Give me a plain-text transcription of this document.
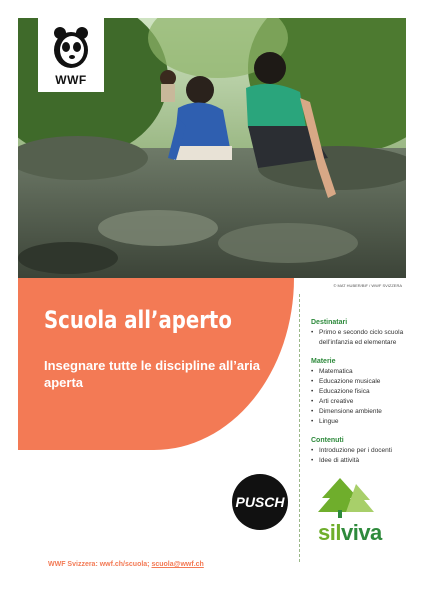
WWF
© MAT HUBER/BIF / WWF SVIZZERA
Scuola all’aperto

Insegnare tutte le discipline all’aria aperta

Destinatari
• Primo e secondo ciclo scuola dell’infanzia ed elementare
Materie
• Matematica
• Educazione musicale
• Educazione fisica
• Arti creative
• Dimensione ambiente
• Lingue
Contenuti
• Introduzione per i docenti
• Idee di attività
PUSCH
silviva
WWF Svizzera: wwf.ch/scuola; scuola@wwf.ch
